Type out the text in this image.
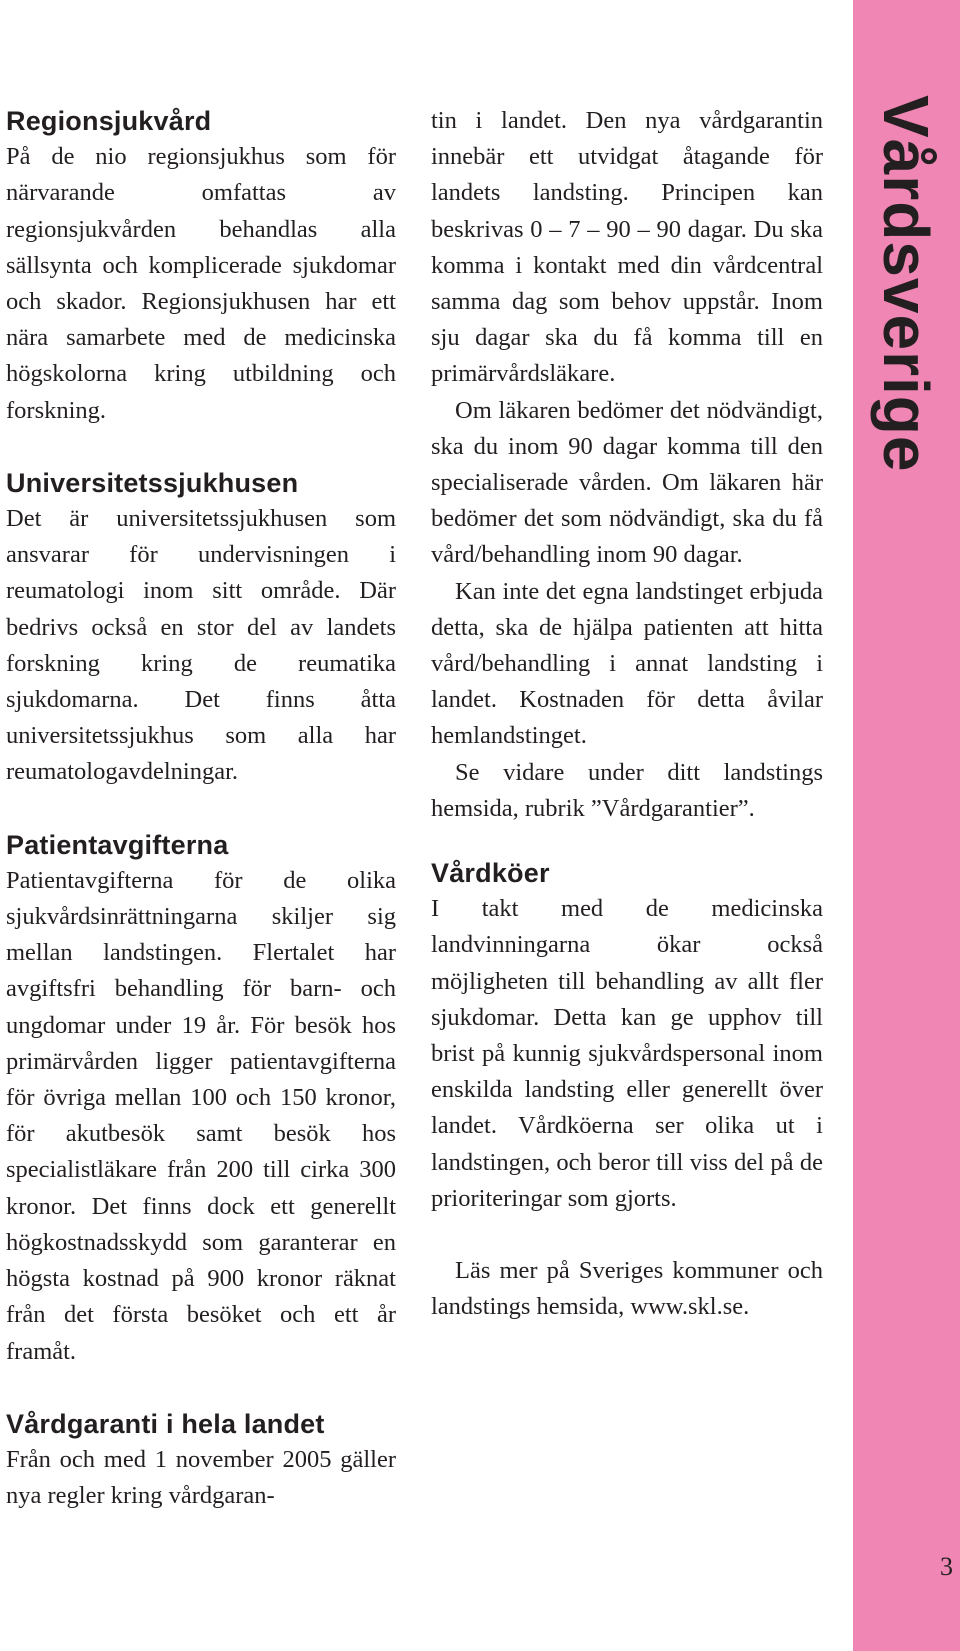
Regionsjukvård

På de nio regionsjukhus som för närvarande omfattas av regionsjukvården behandlas alla sällsynta och komplicerade sjukdomar och skador. Regionsjukhusen har ett nära samarbete med de medicinska högskolorna kring utbildning och forskning.

Universitetssjukhusen

Det är universitetssjukhusen som ansvarar för undervisningen i reumatologi inom sitt område. Där bedrivs också en stor del av landets forskning kring de reumatika sjukdomarna. Det finns åtta universitetssjukhus som alla har reumatologavdelningar.

Patientavgifterna

Patientavgifterna för de olika sjukvårdsinrättningarna skiljer sig mellan landstingen. Flertalet har avgiftsfri behandling för barn- och ungdomar under 19 år. För besök hos primärvården ligger patientavgifterna för övriga mellan 100 och 150 kronor, för akutbesök samt besök hos specialistläkare från 200 till cirka 300 kronor. Det finns dock ett generellt högkostnadsskydd som garanterar en högsta kostnad på 900 kronor räknat från det första besöket och ett år framåt.

Vårdgaranti i hela landet

Från och med 1 november 2005 gäller nya regler kring vårdgaran-

tin i landet. Den nya vårdgarantin innebär ett utvidgat åtagande för landets landsting. Principen kan beskrivas 0 – 7 – 90 – 90 dagar. Du ska komma i kontakt med din vårdcentral samma dag som behov uppstår. Inom sju dagar ska du få komma till en primärvårdsläkare.

Om läkaren bedömer det nödvändigt, ska du inom 90 dagar komma till den specialiserade vården. Om läkaren här bedömer det som nödvändigt, ska du få vård/behandling inom 90 dagar.

Kan inte det egna landstinget erbjuda detta, ska de hjälpa patienten att hitta vård/behandling i annat landsting i landet. Kostnaden för detta åvilar hemlandstinget.

Se vidare under ditt landstings hemsida, rubrik ”Vårdgarantier”.

Vårdköer

I takt med de medicinska landvinningarna ökar också möjligheten till behandling av allt fler sjukdomar. Detta kan ge upphov till brist på kunnig sjukvårdspersonal inom enskilda landsting eller generellt över landet. Vårdköerna ser olika ut i landstingen, och beror till viss del på de prioriteringar som gjorts.

Läs mer på Sveriges kommuner och landstings hemsida, www.skl.se.

Vårdsverige
3
